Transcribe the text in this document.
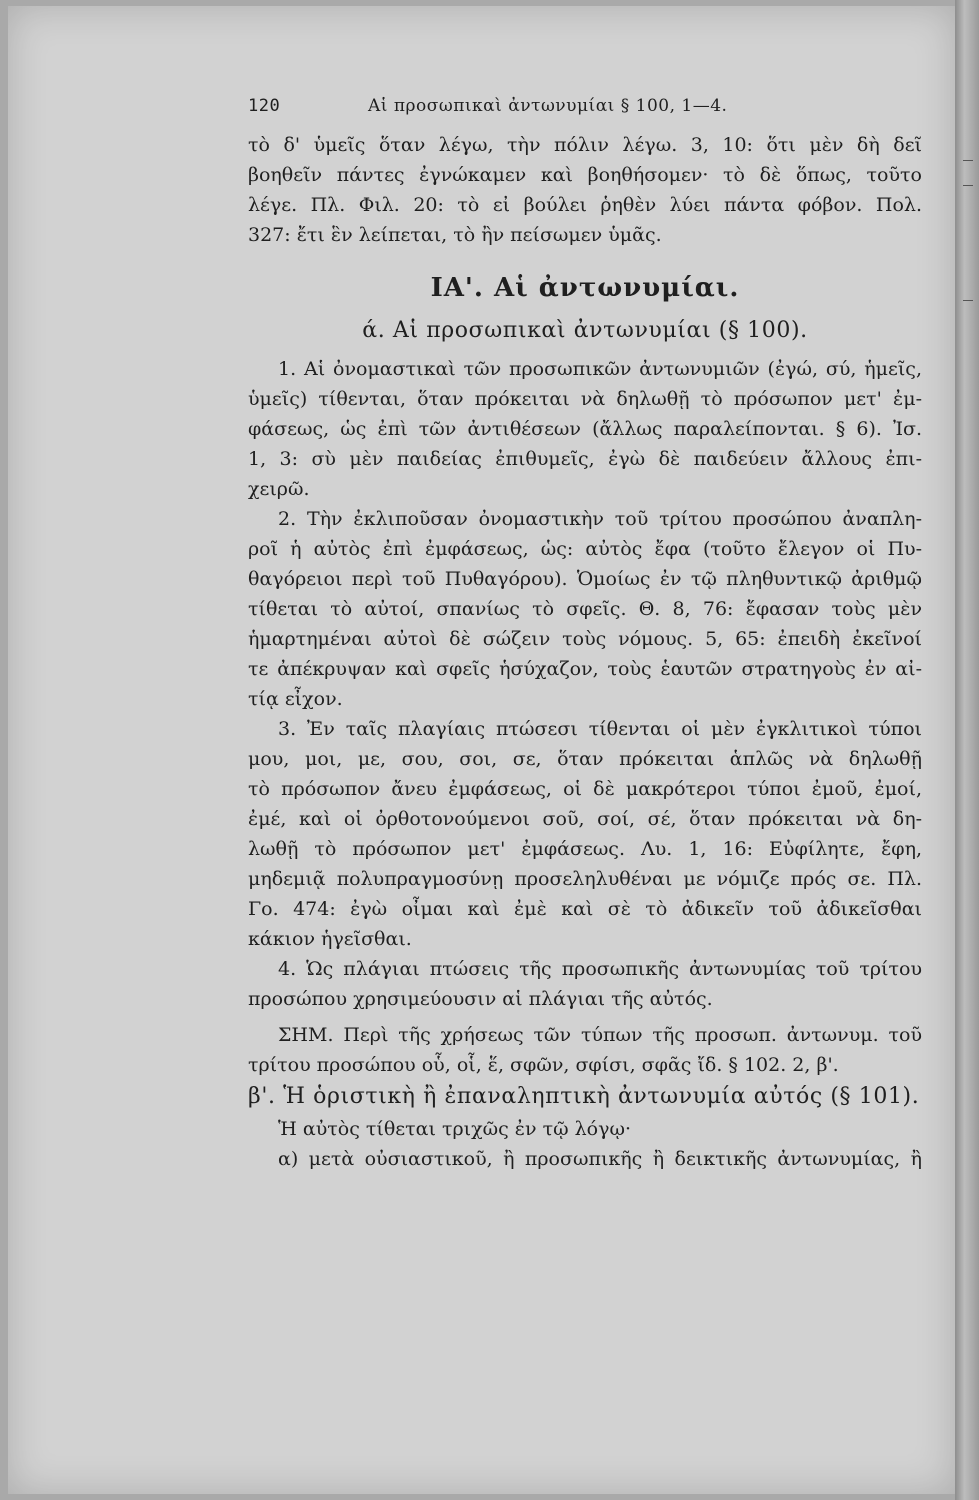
120	Αἱ προσωπικαὶ ἀντωνυμίαι § 100, 1—4.
τὸ δ' ὑμεῖς ὅταν λέγω, τὴν πόλιν λέγω. 3, 10: ὅτι μὲν δὴ δεῖ
βοηθεῖν πάντες ἐγνώκαμεν καὶ βοηθήσομεν· τὸ δὲ ὅπως, τοῦτο
λέγε. Πλ. Φιλ. 20: τὸ εἰ βούλει ῥηθὲν λύει πάντα φόβον. Πολ.
327: ἔτι ἓν λείπεται, τὸ ἢν πείσωμεν ὑμᾶς.
ΙΑ'. Αἱ ἀντωνυμίαι.
ά. Αἱ προσωπικαὶ ἀντωνυμίαι (§ 100).
1. Αἱ ὀνομαστικαὶ τῶν προσωπικῶν ἀντωνυμιῶν (ἐγώ, σύ, ἡμεῖς,
ὑμεῖς) τίθενται, ὅταν πρόκειται νὰ δηλωθῇ τὸ πρόσωπον μετ' ἐμ-
φάσεως, ὡς ἐπὶ τῶν ἀντιθέσεων (ἄλλως παραλείπονται. § 6). Ἰσ.
1, 3: σὺ μὲν παιδείας ἐπιθυμεῖς, ἐγὼ δὲ παιδεύειν ἄλλους ἐπι-
χειρῶ.
2. Τὴν ἐκλιποῦσαν ὀνομαστικὴν τοῦ τρίτου προσώπου ἀναπλη-
ροῖ ἡ αὐτὸς ἐπὶ ἐμφάσεως, ὡς: αὐτὸς ἔφα (τοῦτο ἔλεγον οἱ Πυ-
θαγόρειοι περὶ τοῦ Πυθαγόρου). Ὁμοίως ἐν τῷ πληθυντικῷ ἀριθμῷ
τίθεται τὸ αὐτοί, σπανίως τὸ σφεῖς. Θ. 8, 76: ἔφασαν τοὺς μὲν
ἡμαρτημέναι αὐτοὶ δὲ σώζειν τοὺς νόμους. 5, 65: ἐπειδὴ ἐκεῖνοί
τε ἀπέκρυψαν καὶ σφεῖς ἡσύχαζον, τοὺς ἑαυτῶν στρατηγοὺς ἐν αἰ-
τίᾳ εἶχον.
3. Ἐν ταῖς πλαγίαις πτώσεσι τίθενται οἱ μὲν ἐγκλιτικοὶ τύποι
μου, μοι, με, σου, σοι, σε, ὅταν πρόκειται ἁπλῶς νὰ δηλωθῇ
τὸ πρόσωπον ἄνευ ἐμφάσεως, οἱ δὲ μακρότεροι τύποι ἐμοῦ, ἐμοί,
ἐμέ, καὶ οἱ ὀρθοτονούμενοι σοῦ, σοί, σέ, ὅταν πρόκειται νὰ δη-
λωθῇ τὸ πρόσωπον μετ' ἐμφάσεως. Λυ. 1, 16: Εὐφίλητε, ἔφη,
μηδεμιᾷ πολυπραγμοσύνῃ προσεληλυθέναι με νόμιζε πρός σε. Πλ.
Γο. 474: ἐγὼ οἶμαι καὶ ἐμὲ καὶ σὲ τὸ ἀδικεῖν τοῦ ἀδικεῖσθαι
κάκιον ἡγεῖσθαι.
4. Ὡς πλάγιαι πτώσεις τῆς προσωπικῆς ἀντωνυμίας τοῦ τρίτου
προσώπου χρησιμεύουσιν αἱ πλάγιαι τῆς αὐτός.
ΣΗΜ. Περὶ τῆς χρήσεως τῶν τύπων τῆς προσωπ. ἀντωνυμ. τοῦ
τρίτου προσώπου οὗ, οἷ, ἕ, σφῶν, σφίσι, σφᾶς ἴδ. § 102. 2, β'.
β'. Ἡ ὁριστικὴ ἢ ἐπαναληπτικὴ ἀντωνυμία αὐτός (§ 101).
Ἡ αὐτὸς τίθεται τριχῶς ἐν τῷ λόγῳ·
α) μετὰ οὐσιαστικοῦ, ἢ προσωπικῆς ἢ δεικτικῆς ἀντωνυμίας, ἢ
